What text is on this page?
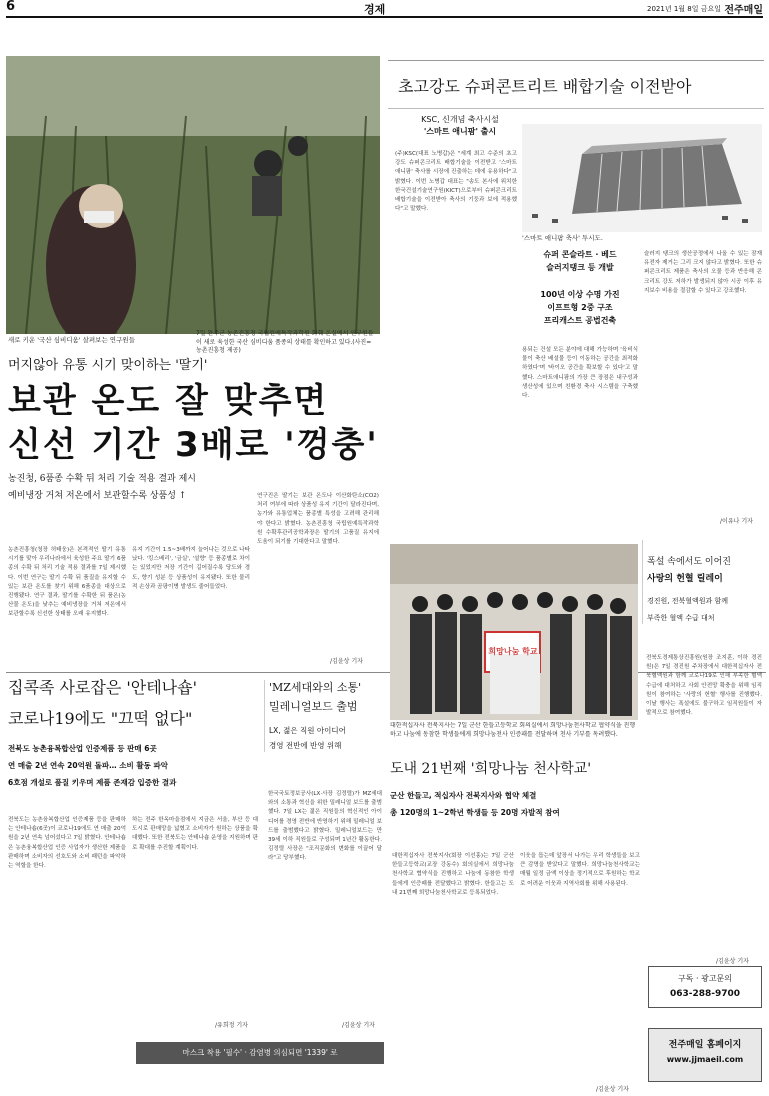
6	경제	2021년 1월 8일 금요일 전주매일
새로 키운 '국산 심비디움' 살펴보는 연구원들
7일 완주군 농촌진흥청 국립원예특작과학원 화훼 온실에서 연구원들이 새로 육성한 국산 심비디움 품종의 상태를 확인하고 있다.(사진=농촌진흥청 제공)
머지않아 유통 시기 맞이하는 '딸기'
보관 온도 잘 맞추면
신선 기간 3배로 '껑충'
농진청, 6품종 수확 뒤 처리 기술 적용 결과 제시
예비냉장 거쳐 저온에서 보관할수록 상품성 ↑
농촌진흥청(청장 허태웅)은 본격적인 딸기 유통 시기를 맞아 우리나라에서 육성한 주요 딸기 6품종의 수확 뒤 처리 기술 적용 결과를 7일 제시했다. 이번 연구는 딸기 수확 뒤 품질을 유지할 수 있는 보관 온도를 찾기 위해 6품종을 대상으로 진행됐다. 연구 결과, 딸기를 수확한 뒤 품온(농산물 온도)을 낮추는 예비냉장을 거쳐 저온에서 보관할수록 신선한 상태를 오래 유지했다.
유지 기간이 1.5~3배까지 늘어나는 것으로 나타났다. '킹스베리', '금실', '설향' 등 품종별로 차이는 있었지만 저장 기간이 길어질수록 당도와 경도, 향기 성분 등 상품성이 유지됐다. 또한 물리적 손상과 곰팡이병 발생도 줄어들었다.
연구진은 딸기는 보관 온도나 이산화탄소(CO2) 처리 여부에 따라 상품성 유지 기간이 달라진다며, 농가와 유통업체는 품종별 특성을 고려해 관리해야 한다고 밝혔다. 농촌진흥청 국립원예특작과학원 수확후관리공학과장은 딸기의 고품질 유지에 도움이 되기를 기대한다고 말했다.
/김윤상 기자
초고강도 슈퍼콘트리트 배합기술 이전받아
KSC, 신개념 축사시설
'스마트 애니팜' 출시
(주)KSC(대표 노병갑)은 "세계 최고 수준의 초고강도 슈퍼콘크리트 배합기술을 이전받고 '스마트 애니팜' 축사를 시장에 진출하는 데에 유용하다"고 밝혔다. 이번 노병갑 대표는 "송도 본사에 위치한 한국건설기술연구원(KICT)으로부터 슈퍼콘크리트 배합기술을 이전받아 축사의 기둥과 보에 적용했다"고 말했다.
'스마트 애니팜 축사' 투시도.
슈퍼 콘슬라트 · 베드
슬러지탱크 등 개발
100년 이상 수명 가진
이프트형 2중 구조
프리캐스트 공법건축
용되는 건설 모든 분야에 대해 가능하며 '육비식물이 축산 배설물 등이 이동하는 공간을 최적화하였다'며 '바이오 공간을 확보할 수 있다'고 말했다. 스마트애니팜의 가장 큰 장점은 내구성과 생산성에 있으며 친환경 축사 시스템을 구축했다.
슬러지 탱크의 생산공정에서 나올 수 있는 잠재유전자 제거는 그리 크지 않다고 밝혔다. 또한 슈퍼콘크리트 제품은 축사의 오물 등과 반응해 콘크리트 강도 저하가 발생되지 않아 시공 이후 유지보수 비용을 절감할 수 있다고 강조했다.
/이유나 기자
집콕족 사로잡은 '안테나숍'
코로나19에도 "끄떡 없다"
전북도 농촌융복합산업 인증제품 등 판매 6곳
연 매출 2년 연속 20억원 돌파… 소비 활동 파악
6호점 개설로 품질 키우며 제품 존재감 입증한 결과
전북도는 농촌융복합산업 인증제품 등을 판매하는 안테나숍(6곳)이 코로나19에도 연 매출 20억원을 2년 연속 넘어섰다고 7일 밝혔다. 안테나숍은 농촌융복합산업 인증 사업자가 생산한 제품을 판매하며 소비자의 선호도와 소비 패턴을 파악하는 역할을 한다.
하는 전주 한옥마을점에서 지금은 서울, 부산 등 대도시로 판매망을 넓혔고 소비자가 원하는 상품을 확대했다. 또한 전북도는 안테나숍 운영을 지원하며 판로 확대를 추진할 계획이다.
/유희정 기자
'MZ세대와의 소통'
밀레니얼보드 출범
LX, 젊은 직원 아이디어
경영 전반에 반영 위해
한국국토정보공사(LX·사장 김정렬)가 MZ세대와의 소통과 혁신을 위한 밀레니얼 보드를 출범했다. 7일 LX는 젊은 직원들의 혁신적인 아이디어를 경영 전반에 반영하기 위해 밀레니얼 보드를 출범했다고 밝혔다. 밀레니얼보드는 만 39세 이하 직원들로 구성되며 1년간 활동한다. 김정렬 사장은 "조직문화의 변화를 이끌어 달라"고 당부했다.
/김윤상 기자
마스크 착용 '필수' · 감염병 의심되면 '1339' 로
희망나눔 학교
대한적십자사 전북지사는 7일 군산 한들고등학교 회의실에서 희망나눔천사학교 협약식을 진행하고 나눔에 동참한 학생들에게 희망나눔천사 인증패를 전달하며 천사 기부를 독려했다.
폭설 속에서도 이어진
사랑의 헌혈 릴레이
경진원, 전북혈액원과 함께
부족한 혈액 수급 대처
전북도경제통상진흥원(원장 조지훈, 이하 경진원)은 7일 경진원 주차장에서 대한적십자사 전북혈액원과 함께 코로나19로 인해 부족한 혈액 수급에 대처하고 사회 안전망 확충을 위해 임직원이 참여하는 '사랑의 헌혈' 행사를 진행했다. 이날 행사는 폭설에도 불구하고 임직원들이 자발적으로 참여했다.
/김윤상 기자
도내 21번째 '희망나눔 천사학교'
군산 한들고, 적십자사 전북지사와 협약 체결
총 120명의 1~2학년 학생들 등 20명 자발적 참여
대한적십자사 전북지사(회장 이선홍)는 7일 군산 한들고등학교(교장 강동수) 회의실에서 희망나눔천사학교 협약식을 진행하고 나눔에 동참한 학생들에게 인증패를 전달했다고 밝혔다. 한들고는 도내 21번째 희망나눔천사학교로 등록되었다.
이웃을 돕는데 앞장서 나가는 우리 학생들을 보고 큰 감명을 받았다고 말했다. 희망나눔천사학교는 매월 일정 금액 이상을 정기적으로 후원하는 학교로 어려운 이웃과 지역사회를 위해 사용된다.
/김윤상 기자
구독 · 광고문의
063-288-9700
전주매일 홈페이지
www.jjmaeil.com
